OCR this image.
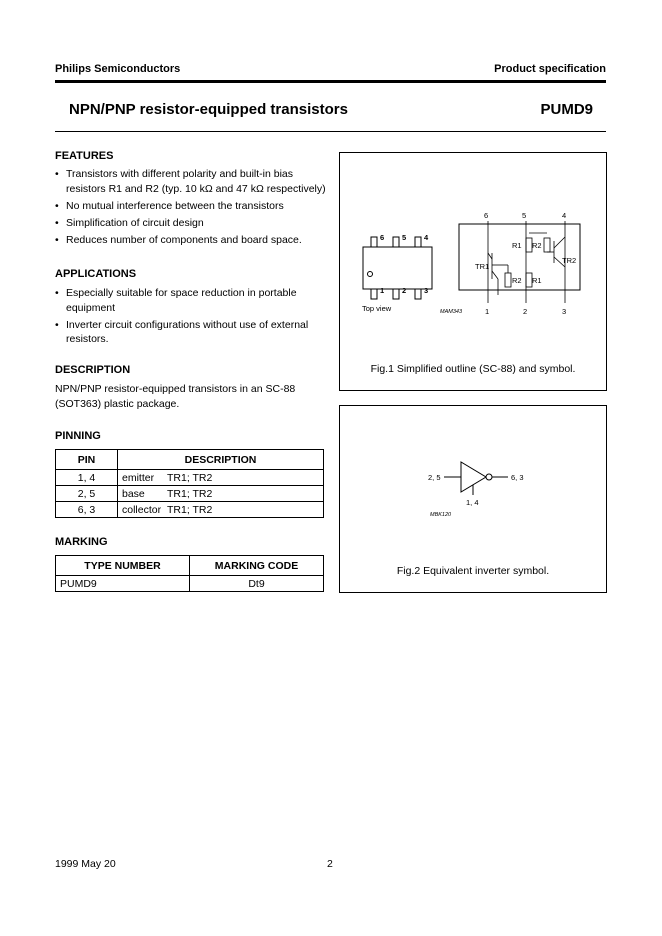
Philips Semiconductors	Product specification
NPN/PNP resistor-equipped transistors	PUMD9
FEATURES
• Transistors with different polarity and built-in bias resistors R1 and R2 (typ. 10 kΩ and 47 kΩ respectively)
• No mutual interference between the transistors
• Simplification of circuit design
• Reduces number of components and board space.
APPLICATIONS
• Especially suitable for space reduction in portable equipment
• Inverter circuit configurations without use of external resistors.
DESCRIPTION
NPN/PNP resistor-equipped transistors in an SC-88 (SOT363) plastic package.
PINNING
PIN	DESCRIPTION
1, 4	emitter TR1; TR2
2, 5	base TR1; TR2
6, 3	collector TR1; TR2
MARKING
TYPE NUMBER	MARKING CODE
PUMD9	Dt9
6 5 4
1 2 3
Top view
6	5	4
1	2	3
TR1
TR2
R1 R2
R2 R1
MAM343
Fig.1 Simplified outline (SC-88) and symbol.
2, 5	6, 3
1, 4
MBK120
Fig.2 Equivalent inverter symbol.
1999 May 20	2
